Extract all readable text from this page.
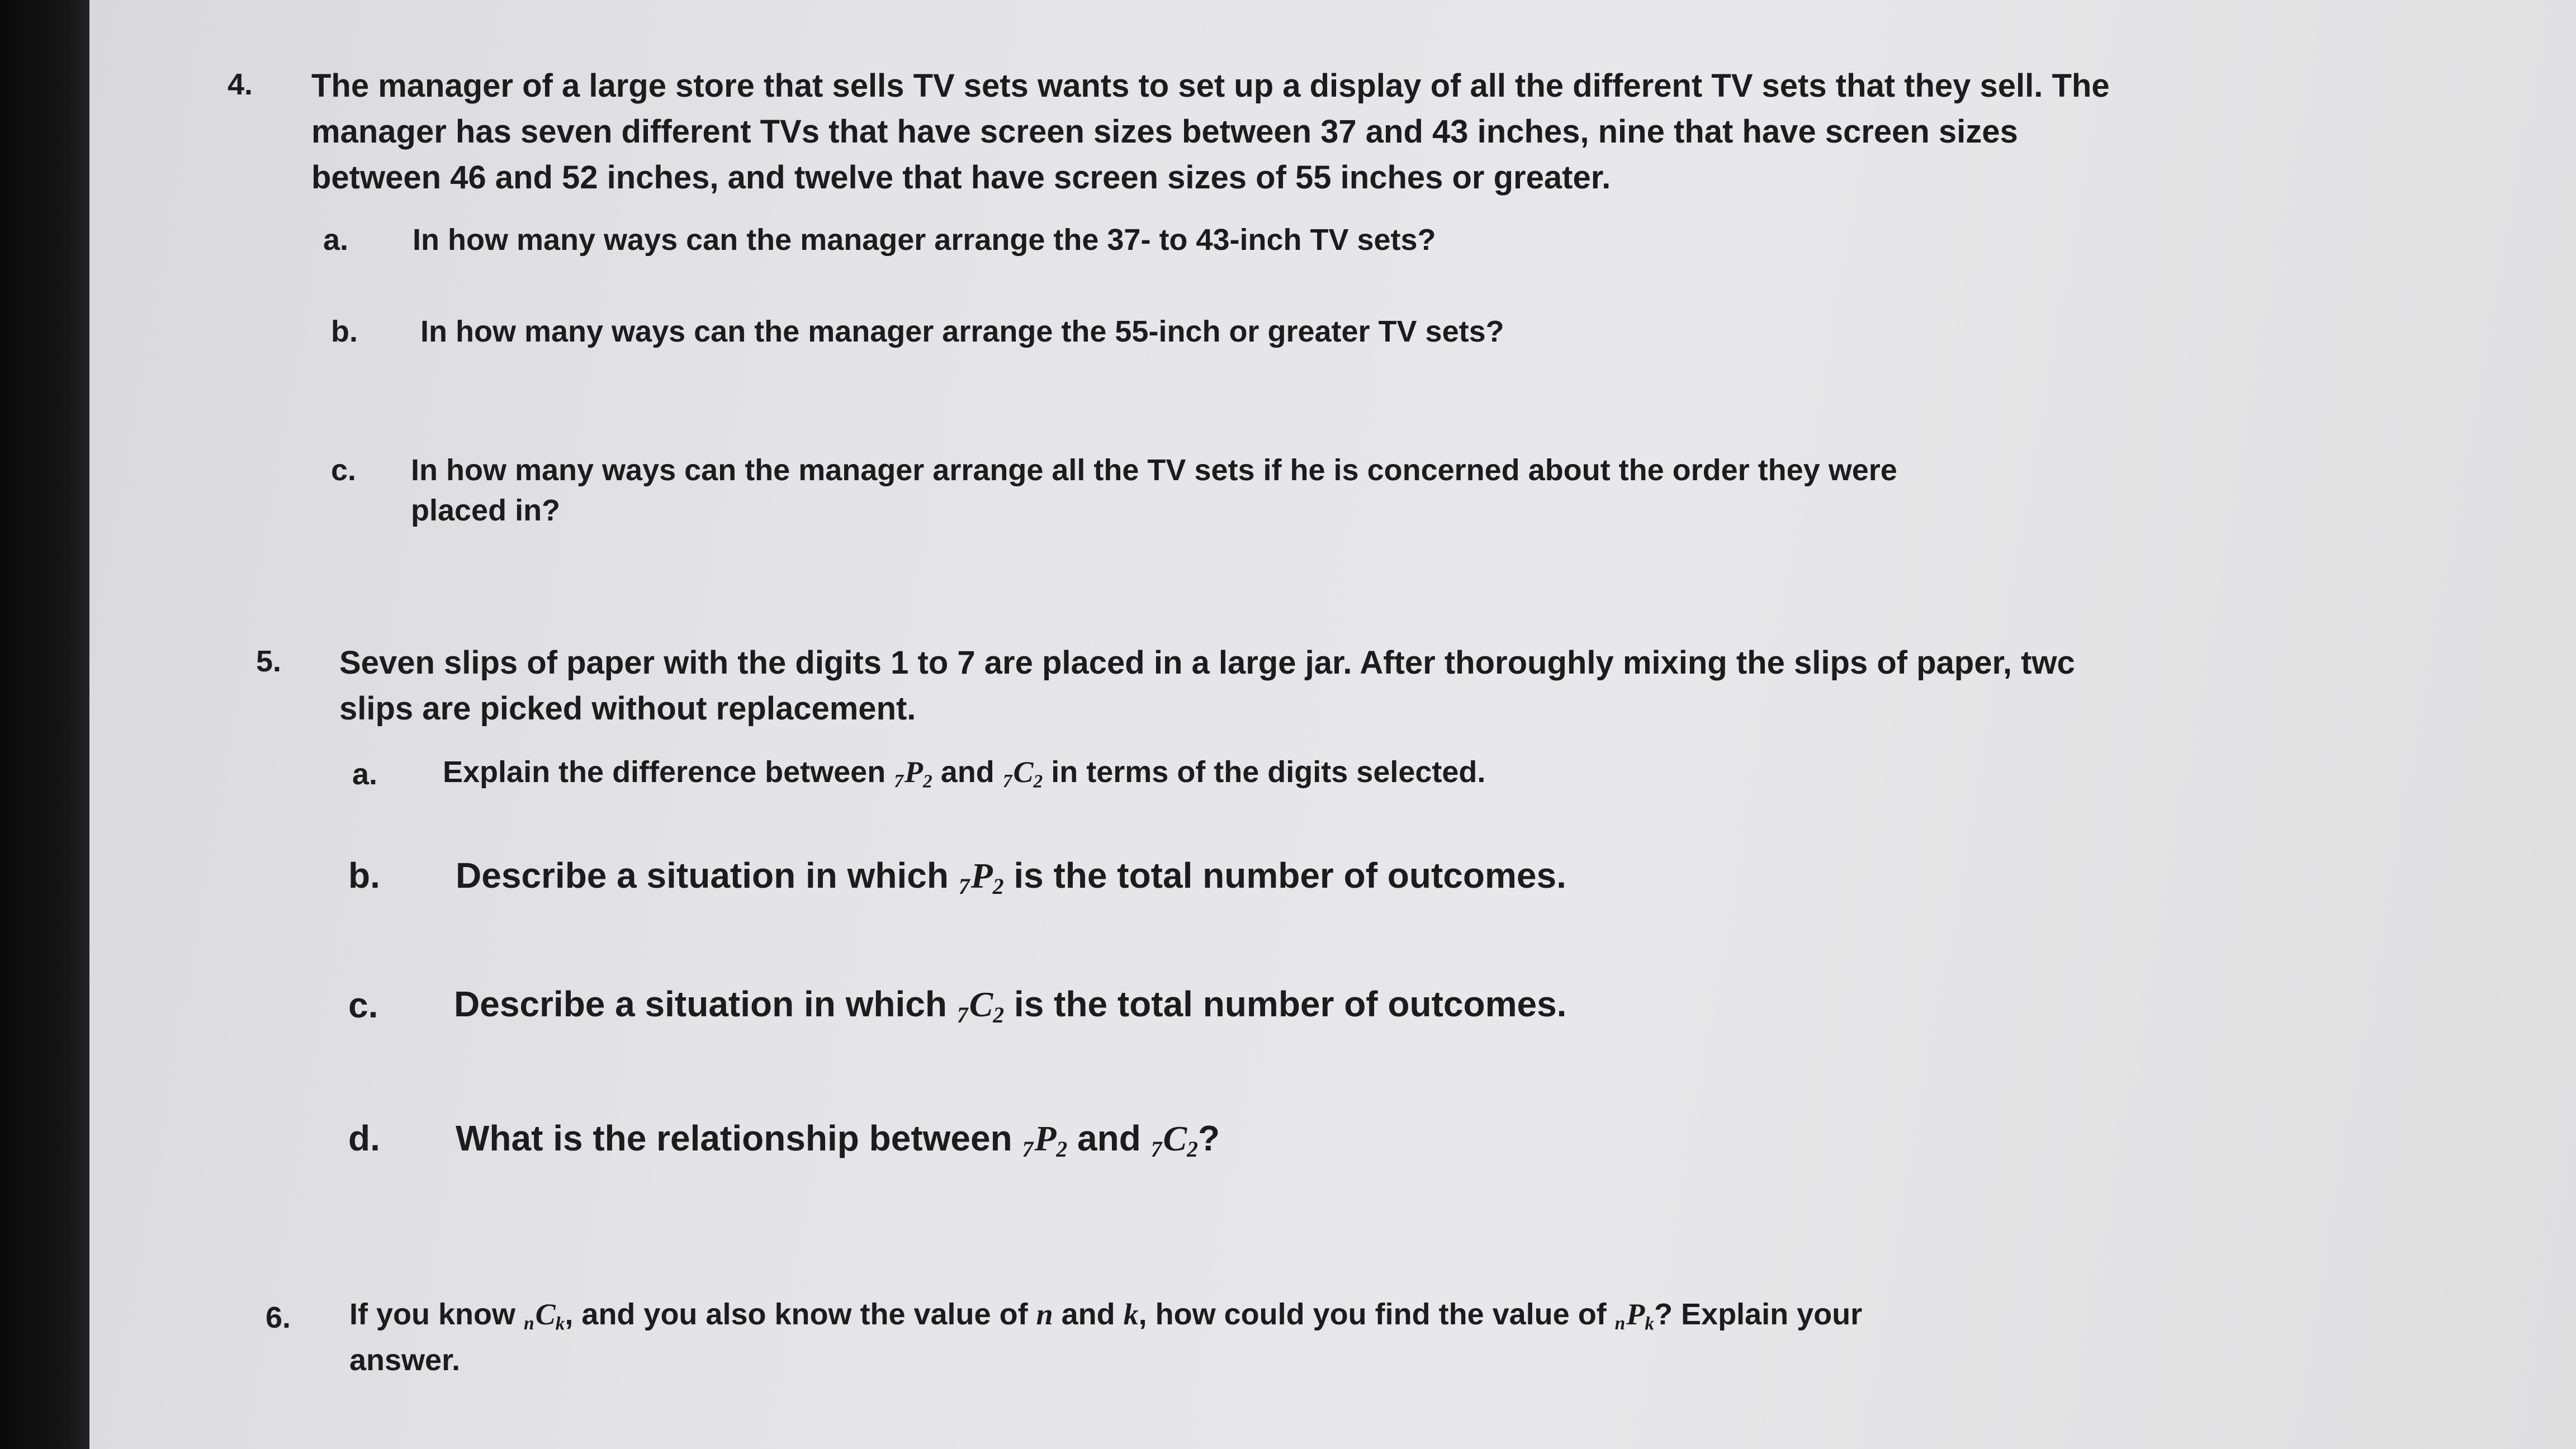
4. The manager of a large store that sells TV sets wants to set up a display of all the different TV sets that they sell. The
manager has seven different TVs that have screen sizes between 37 and 43 inches, nine that have screen sizes
between 46 and 52 inches, and twelve that have screen sizes of 55 inches or greater.
a. In how many ways can the manager arrange the 37- to 43-inch TV sets?
b. In how many ways can the manager arrange the 55-inch or greater TV sets?
c. In how many ways can the manager arrange all the TV sets if he is concerned about the order they were
placed in?
5. Seven slips of paper with the digits 1 to 7 are placed in a large jar. After thoroughly mixing the slips of paper, twc
slips are picked without replacement.
a. Explain the difference between $7P_2$ and $7C_2$ in terms of the digits selected.
b. Describe a situation in which $7P_2$ is the total number of outcomes.
c. Describe a situation in which $7C_2$ is the total number of outcomes.
d. What is the relationship between $7P_2$ and $7C_2$?
6. If you know $nC_k$, and you also know the value of n and k, how could you find the value of $nP_k$? Explain your
answer.
